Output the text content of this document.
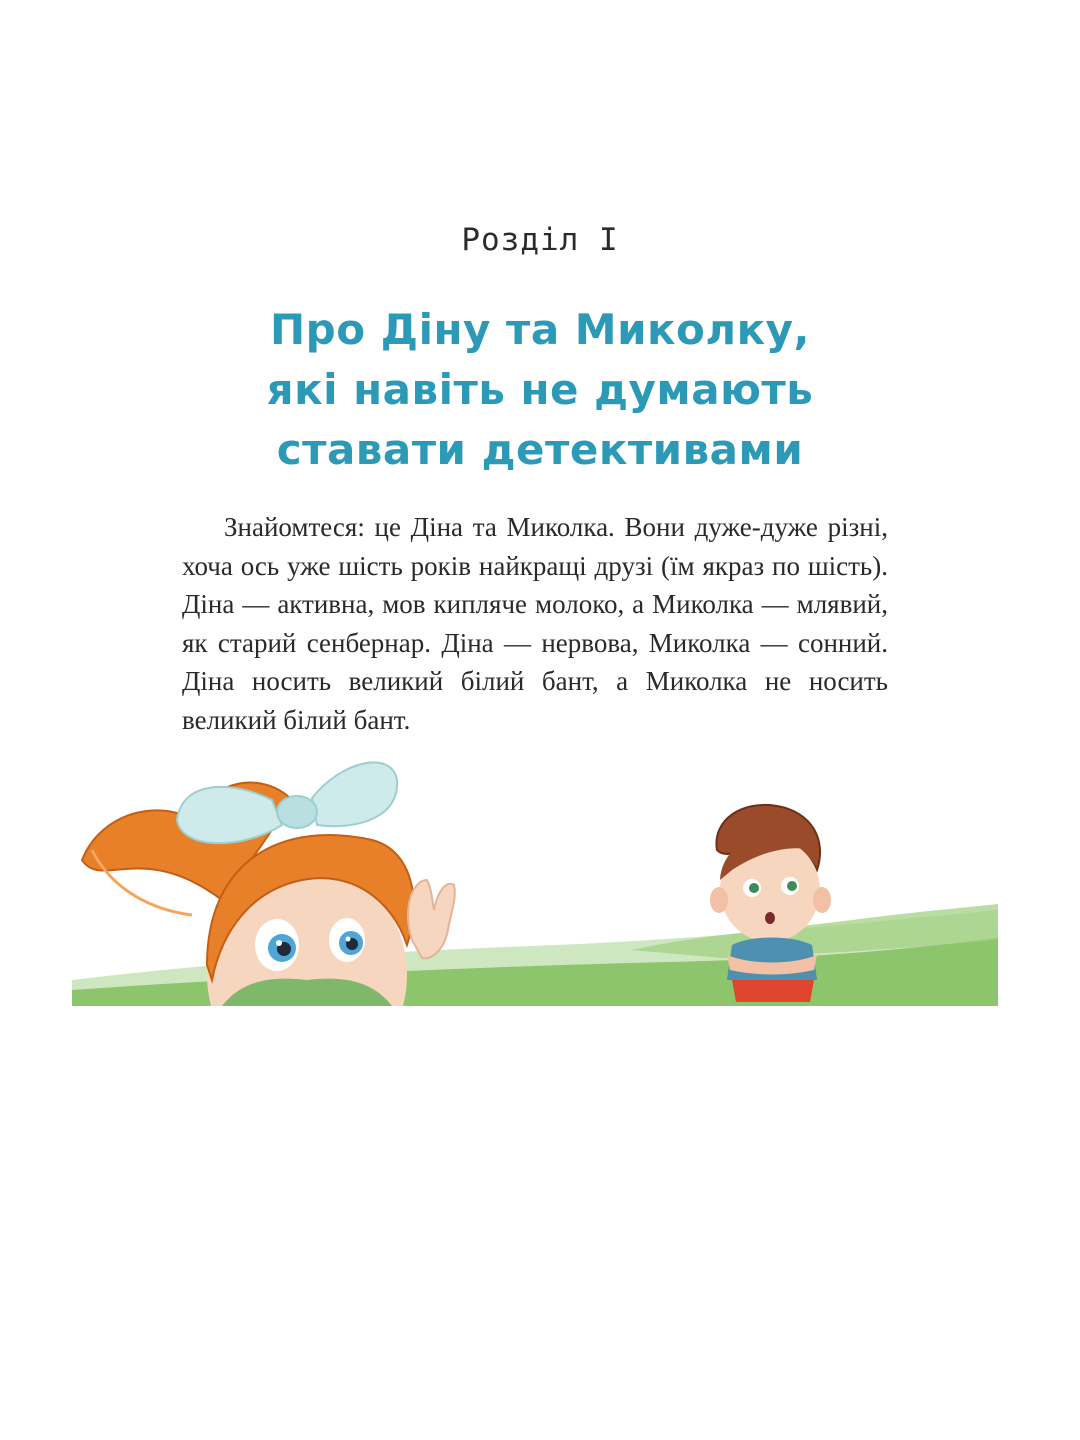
Розділ I
Про Діну та Миколку,
які навіть не думають
ставати детективами
Знайомтеся: це Діна та Миколка. Вони дуже-дуже різні, хоча ось уже шість років найкращі друзі (їм якраз по шість). Діна — активна, мов кипляче молоко, а Миколка — млявий, як старий сенбернар. Діна — нервова, Миколка — сонний. Діна носить великий білий бант, а Миколка не носить великий білий бант.
